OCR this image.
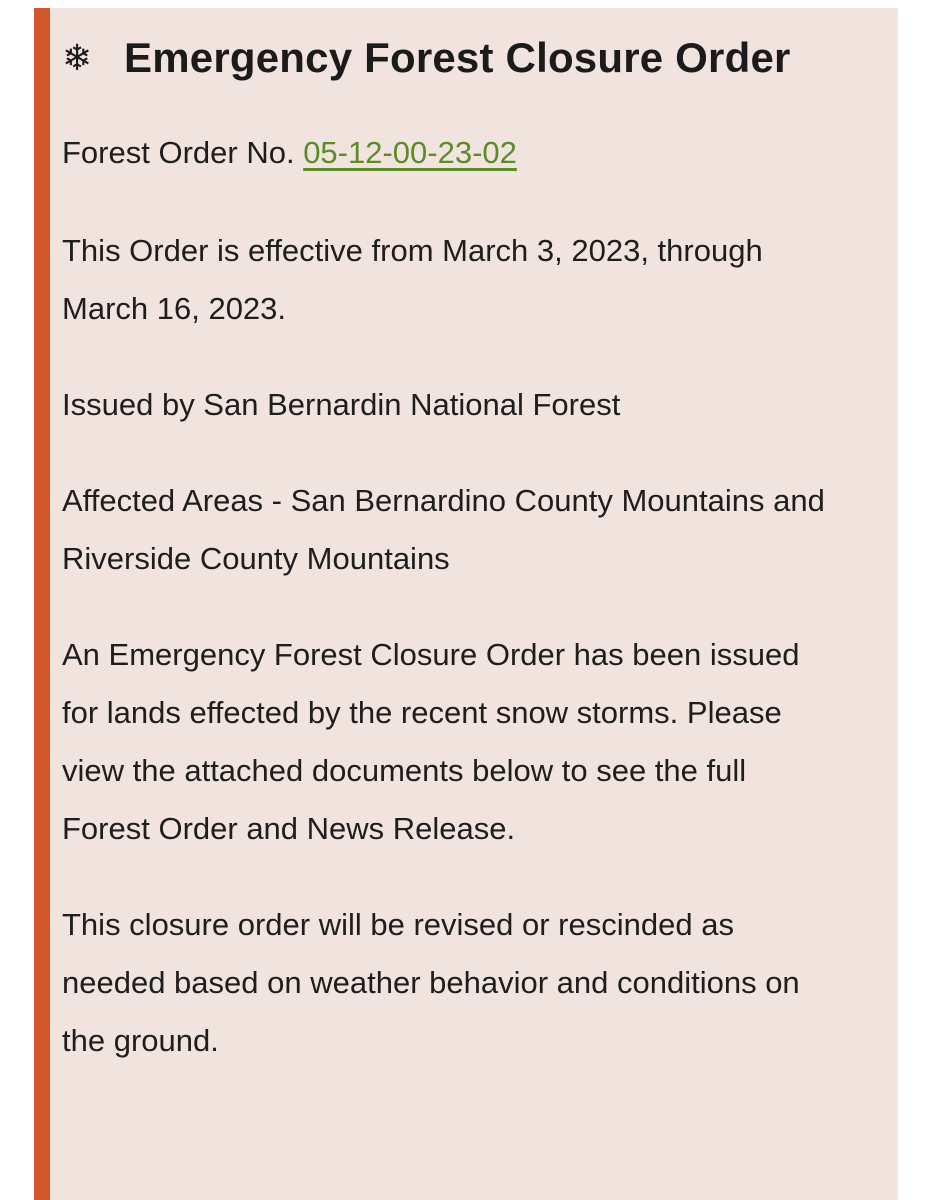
❄ Emergency Forest Closure Order

Forest Order No. 05-12-00-23-02

This Order is effective from March 3, 2023, through March 16, 2023.

Issued by San Bernardin National Forest

Affected Areas - San Bernardino County Mountains and Riverside County Mountains

An Emergency Forest Closure Order has been issued for lands effected by the recent snow storms. Please view the attached documents below to see the full Forest Order and News Release.

This closure order will be revised or rescinded as needed based on weather behavior and conditions on the ground.
